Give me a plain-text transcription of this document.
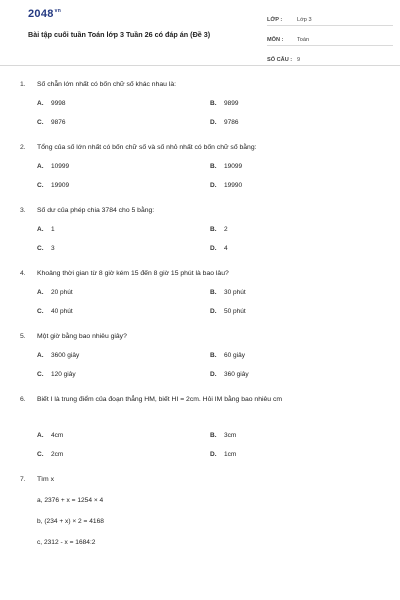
$2048^{vn}$
Bài tập cuối tuần Toán lớp 3 Tuần 26 có đáp án (Đề 3)
LỚP :	Lớp 3
MÔN :	Toán
SỐ CÂU : 9
1.	Số chẵn lớn nhất có bốn chữ số khác nhau là:
A.	9998	B.	9899
C.	9876	D.	9786
2.	Tổng của số lớn nhất có bốn chữ số và số nhỏ nhất có bốn chữ số bằng:
A.	10999	B.	19099
C.	19909	D.	19990
3.	Số dư của phép chia 3784 cho 5 bằng:
A.	1	B.	2
C.	3	D.	4
4.	Khoảng thời gian từ 8 giờ kém 15 đến 8 giờ 15 phút là bao lâu?
A.	20 phút	B.	30 phút
C.	40 phút	D.	50 phút
5.	Một giờ bằng bao nhiêu giây?
A.	3600 giây	B.	60 giây
C.	120 giây	D.	360 giây
6.	Biết I là trung điểm của đoạn thẳng HM, biết HI = 2cm. Hỏi IM bằng bao nhiêu cm
A.	4cm	B.	3cm
C.	2cm	D.	1cm
7.	Tìm x
a, 2376 + x = 1254 × 4
b, (234 + x) × 2 = 4168
c, 2312 - x = 1684:2
